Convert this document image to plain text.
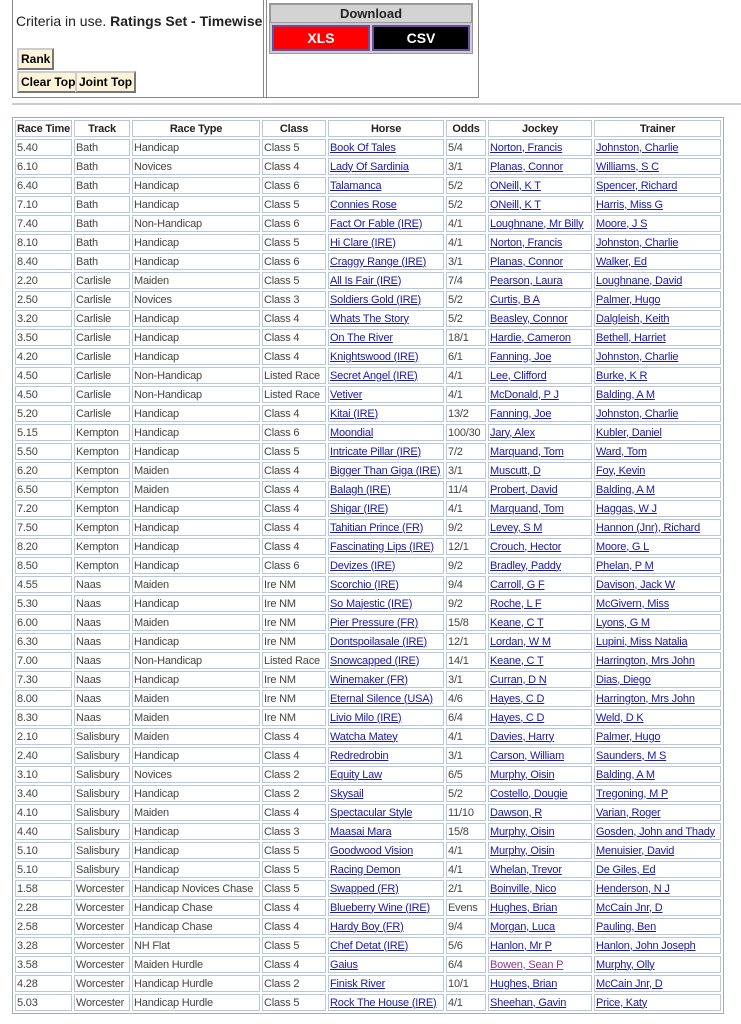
Criteria in use. Ratings Set - Timewise
Rank
Clear Top Joint Top
Download
XLS	CSV
Race Time	Track	Race Type	Class	Horse	Odds	Jockey	Trainer
5.40	Bath	Handicap	Class 5	Book Of Tales	5/4	Norton, Francis	Johnston, Charlie
6.10	Bath	Novices	Class 4	Lady Of Sardinia	3/1	Planas, Connor	Williams, S C
6.40	Bath	Handicap	Class 6	Talamanca	5/2	ONeill, K T	Spencer, Richard
7.10	Bath	Handicap	Class 5	Connies Rose	5/2	ONeill, K T	Harris, Miss G
7.40	Bath	Non-Handicap	Class 6	Fact Or Fable (IRE)	4/1	Loughnane, Mr Billy	Moore, J S
8.10	Bath	Handicap	Class 5	Hi Clare (IRE)	4/1	Norton, Francis	Johnston, Charlie
8.40	Bath	Handicap	Class 6	Craggy Range (IRE)	3/1	Planas, Connor	Walker, Ed
2.20	Carlisle	Maiden	Class 5	All Is Fair (IRE)	7/4	Pearson, Laura	Loughnane, David
2.50	Carlisle	Novices	Class 3	Soldiers Gold (IRE)	5/2	Curtis, B A	Palmer, Hugo
3.20	Carlisle	Handicap	Class 4	Whats The Story	5/2	Beasley, Connor	Dalgleish, Keith
3.50	Carlisle	Handicap	Class 4	On The River	18/1	Hardie, Cameron	Bethell, Harriet
4.20	Carlisle	Handicap	Class 4	Knightswood (IRE)	6/1	Fanning, Joe	Johnston, Charlie
4.50	Carlisle	Non-Handicap	Listed Race	Secret Angel (IRE)	4/1	Lee, Clifford	Burke, K R
4.50	Carlisle	Non-Handicap	Listed Race	Vetiver	4/1	McDonald, P J	Balding, A M
5.20	Carlisle	Handicap	Class 4	Kitai (IRE)	13/2	Fanning, Joe	Johnston, Charlie
5.15	Kempton	Handicap	Class 6	Moondial	100/30	Jary, Alex	Kubler, Daniel
5.50	Kempton	Handicap	Class 5	Intricate Pillar (IRE)	7/2	Marquand, Tom	Ward, Tom
6.20	Kempton	Maiden	Class 4	Bigger Than Giga (IRE)	3/1	Muscutt, D	Foy, Kevin
6.50	Kempton	Maiden	Class 4	Balagh (IRE)	11/4	Probert, David	Balding, A M
7.20	Kempton	Handicap	Class 4	Shigar (IRE)	4/1	Marquand, Tom	Haggas, W J
7.50	Kempton	Handicap	Class 4	Tahitian Prince (FR)	9/2	Levey, S M	Hannon (Jnr), Richard
8.20	Kempton	Handicap	Class 4	Fascinating Lips (IRE)	12/1	Crouch, Hector	Moore, G L
8.50	Kempton	Handicap	Class 6	Devizes (IRE)	9/2	Bradley, Paddy	Phelan, P M
4.55	Naas	Maiden	Ire NM	Scorchio (IRE)	9/4	Carroll, G F	Davison, Jack W
5.30	Naas	Handicap	Ire NM	So Majestic (IRE)	9/2	Roche, L F	McGivern, Miss
6.00	Naas	Maiden	Ire NM	Pier Pressure (FR)	15/8	Keane, C T	Lyons, G M
6.30	Naas	Handicap	Ire NM	Dontspoilasale (IRE)	12/1	Lordan, W M	Lupini, Miss Natalia
7.00	Naas	Non-Handicap	Listed Race	Snowcapped (IRE)	14/1	Keane, C T	Harrington, Mrs John
7.30	Naas	Handicap	Ire NM	Winemaker (FR)	3/1	Curran, D N	Dias, Diego
8.00	Naas	Maiden	Ire NM	Eternal Silence (USA)	4/6	Hayes, C D	Harrington, Mrs John
8.30	Naas	Maiden	Ire NM	Livio Milo (IRE)	6/4	Hayes, C D	Weld, D K
2.10	Salisbury	Maiden	Class 4	Watcha Matey	4/1	Davies, Harry	Palmer, Hugo
2.40	Salisbury	Handicap	Class 4	Redredrobin	3/1	Carson, William	Saunders, M S
3.10	Salisbury	Novices	Class 2	Equity Law	6/5	Murphy, Oisin	Balding, A M
3.40	Salisbury	Handicap	Class 2	Skysail	5/2	Costello, Dougie	Tregoning, M P
4.10	Salisbury	Maiden	Class 4	Spectacular Style	11/10	Dawson, R	Varian, Roger
4.40	Salisbury	Handicap	Class 3	Maasai Mara	15/8	Murphy, Oisin	Gosden, John and Thady
5.10	Salisbury	Handicap	Class 5	Goodwood Vision	4/1	Murphy, Oisin	Menuisier, David
5.10	Salisbury	Handicap	Class 5	Racing Demon	4/1	Whelan, Trevor	De Giles, Ed
1.58	Worcester	Handicap Novices Chase	Class 5	Swapped (FR)	2/1	Boinville, Nico	Henderson, N J
2.28	Worcester	Handicap Chase	Class 4	Blueberry Wine (IRE)	Evens	Hughes, Brian	McCain Jnr, D
2.58	Worcester	Handicap Chase	Class 4	Hardy Boy (FR)	9/4	Morgan, Luca	Pauling, Ben
3.28	Worcester	NH Flat	Class 5	Chef Detat (IRE)	5/6	Hanlon, Mr P	Hanlon, John Joseph
3.58	Worcester	Maiden Hurdle	Class 4	Gaius	6/4	Bowen, Sean P	Murphy, Olly
4.28	Worcester	Handicap Hurdle	Class 2	Finisk River	10/1	Hughes, Brian	McCain Jnr, D
5.03	Worcester	Handicap Hurdle	Class 5	Rock The House (IRE)	4/1	Sheehan, Gavin	Price, Katy
